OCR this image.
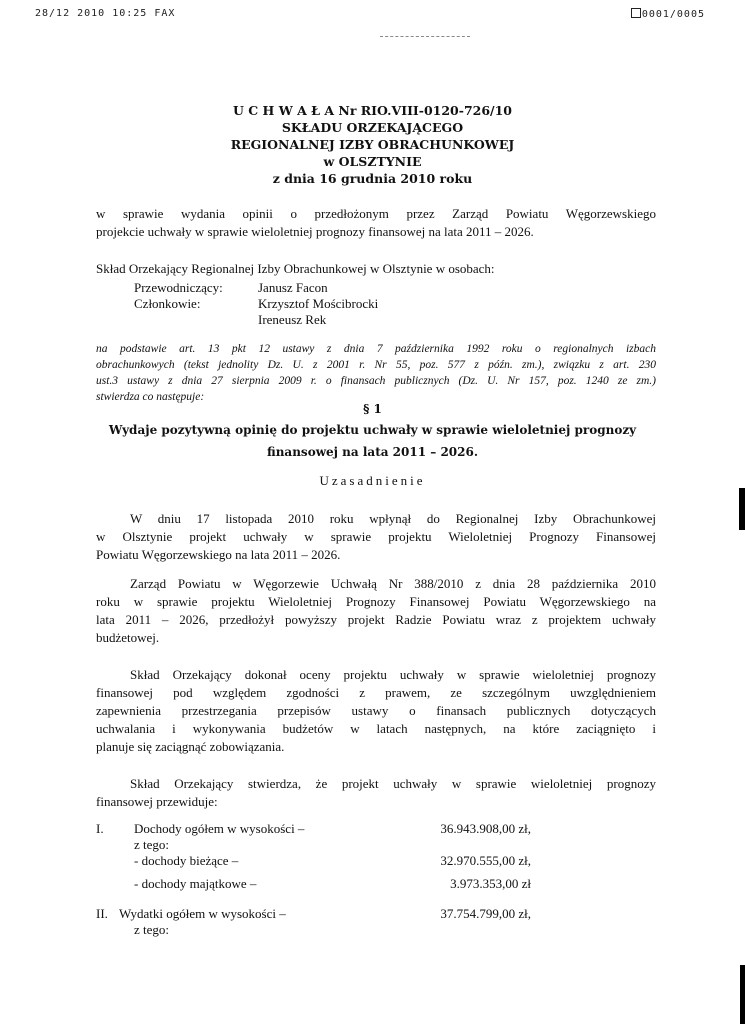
28/12 2010 10:25 FAX	0001/0005
U C H W A Ł A Nr RIO.VIII-0120-726/10
SKŁADU ORZEKAJĄCEGO
REGIONALNEJ IZBY OBRACHUNKOWEJ
w OLSZTYNIE
z dnia 16 grudnia 2010 roku
w sprawie wydania opinii o przedłożonym przez Zarząd Powiatu Węgorzewskiego
projekcie uchwały w sprawie wieloletniej prognozy finansowej na lata 2011 – 2026.
Skład Orzekający Regionalnej Izby Obrachunkowej w Olsztynie w osobach:
Przewodniczący:	Janusz Facon
Członkowie:	Krzysztof Mościbrocki
Ireneusz Rek
na podstawie art. 13 pkt 12 ustawy z dnia 7 października 1992 roku o regionalnych izbach
obrachunkowych (tekst jednolity Dz. U. z 2001 r. Nr 55, poz. 577 z późn. zm.), związku z art. 230
ust.3 ustawy z dnia 27 sierpnia 2009 r. o finansach publicznych (Dz. U. Nr 157, poz. 1240 ze zm.)
stwierdza co następuje:
§ 1
Wydaje pozytywną opinię do projektu uchwały w sprawie wieloletniej prognozy
finansowej na lata 2011 – 2026.
Uzasadnienie
W dniu 17 listopada 2010 roku wpłynął do Regionalnej Izby Obrachunkowej
w Olsztynie projekt uchwały w sprawie projektu Wieloletniej Prognozy Finansowej
Powiatu Węgorzewskiego na lata 2011 – 2026.
Zarząd Powiatu w Węgorzewie Uchwałą Nr 388/2010 z dnia 28 października 2010
roku w sprawie projektu Wieloletniej Prognozy Finansowej Powiatu Węgorzewskiego na
lata 2011 – 2026, przedłożył powyższy projekt Radzie Powiatu wraz z projektem uchwały
budżetowej.
Skład Orzekający dokonał oceny projektu uchwały w sprawie wieloletniej prognozy
finansowej pod względem zgodności z prawem, ze szczególnym uwzględnieniem
zapewnienia przestrzegania przepisów ustawy o finansach publicznych dotyczących
uchwalania i wykonywania budżetów w latach następnych, na które zaciągnięto i
planuje się zaciągnąć zobowiązania.
Skład Orzekający stwierdza, że projekt uchwały w sprawie wieloletniej prognozy
finansowej przewiduje:
I. Dochody ogółem w wysokości –	36.943.908,00 zł,
z tego:
- dochody bieżące –	32.970.555,00 zł,
- dochody majątkowe –	3.973.353,00 zł
II. Wydatki ogółem w wysokości –	37.754.799,00 zł,
z tego:
